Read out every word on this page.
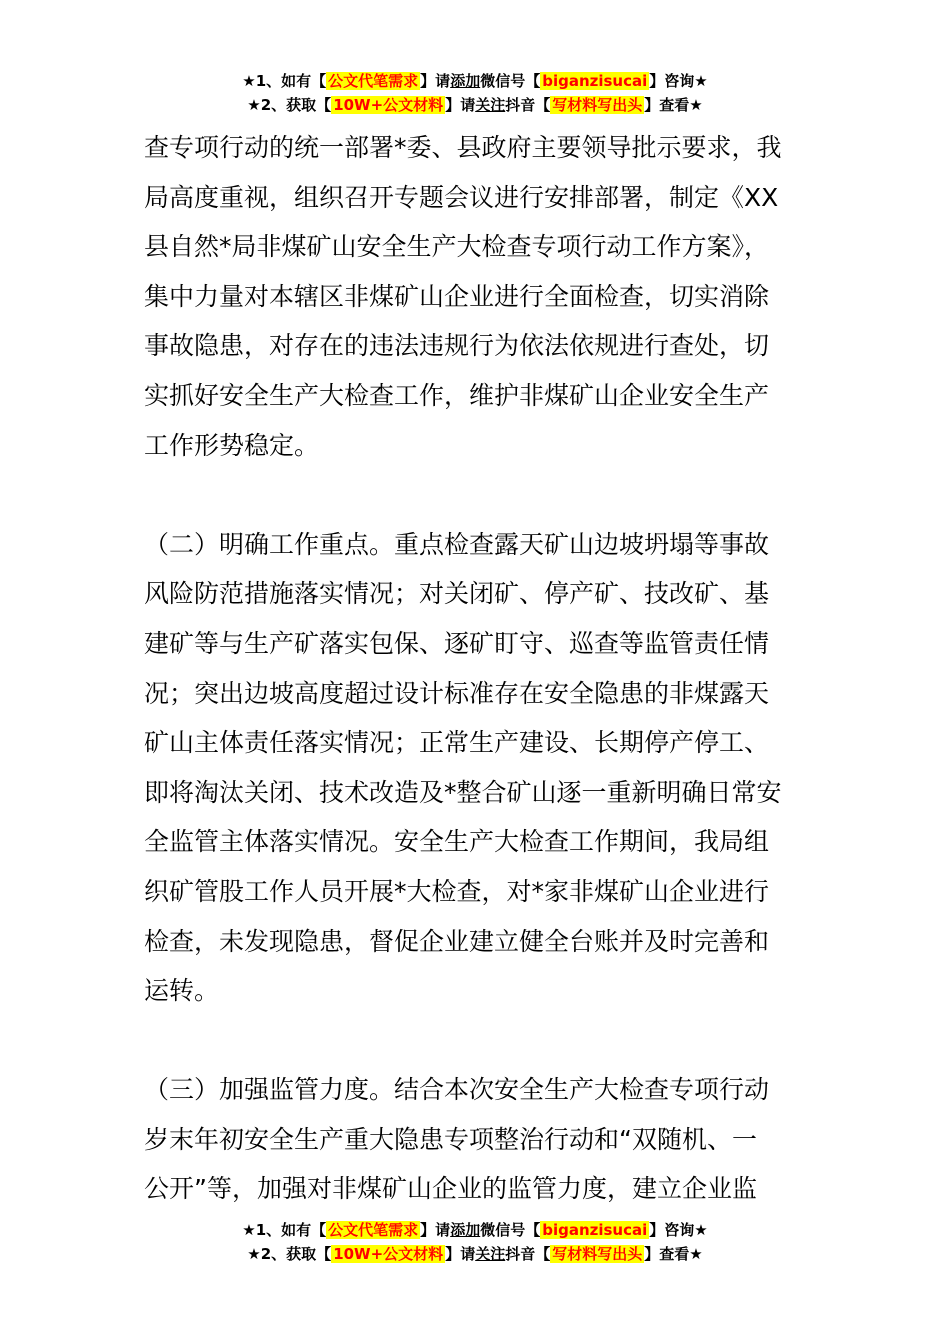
★1、如有【 公文代笔需求 】请添加微信号【 biganzisucai 】咨询★
★2、获取【 10W+公文材料 】请关注抖音【 写材料写出头 】查看★
查专项行动的统一部署*委、县政府主要领导批示要求，我
局高度重视，组织召开专题会议进行安排部署，制定《XX
县自然*局非煤矿山安全生产大检查专项行动工作方案》，
集中力量对本辖区非煤矿山企业进行全面检查，切实消除
事故隐患，对存在的违法违规行为依法依规进行查处，切
实抓好安全生产大检查工作，维护非煤矿山企业安全生产
工作形势稳定。
（二）明确工作重点。重点检查露天矿山边坡坍塌等事故
风险防范措施落实情况；对关闭矿、停产矿、技改矿、基
建矿等与生产矿落实包保、逐矿盯守、巡查等监管责任情
况；突出边坡高度超过设计标准存在安全隐患的非煤露天
矿山主体责任落实情况；正常生产建设、长期停产停工、
即将淘汰关闭、技术改造及*整合矿山逐一重新明确日常安
全监管主体落实情况。安全生产大检查工作期间，我局组
织矿管股工作人员开展*大检查，对*家非煤矿山企业进行
检查，未发现隐患，督促企业建立健全台账并及时完善和
运转。
（三）加强监管力度。结合本次安全生产大检查专项行动
岁末年初安全生产重大隐患专项整治行动和“双随机、一
公开”等，加强对非煤矿山企业的监管力度，建立企业监
★1、如有【 公文代笔需求 】请添加微信号【 biganzisucai 】咨询★
★2、获取【 10W+公文材料 】请关注抖音【 写材料写出头 】查看★
